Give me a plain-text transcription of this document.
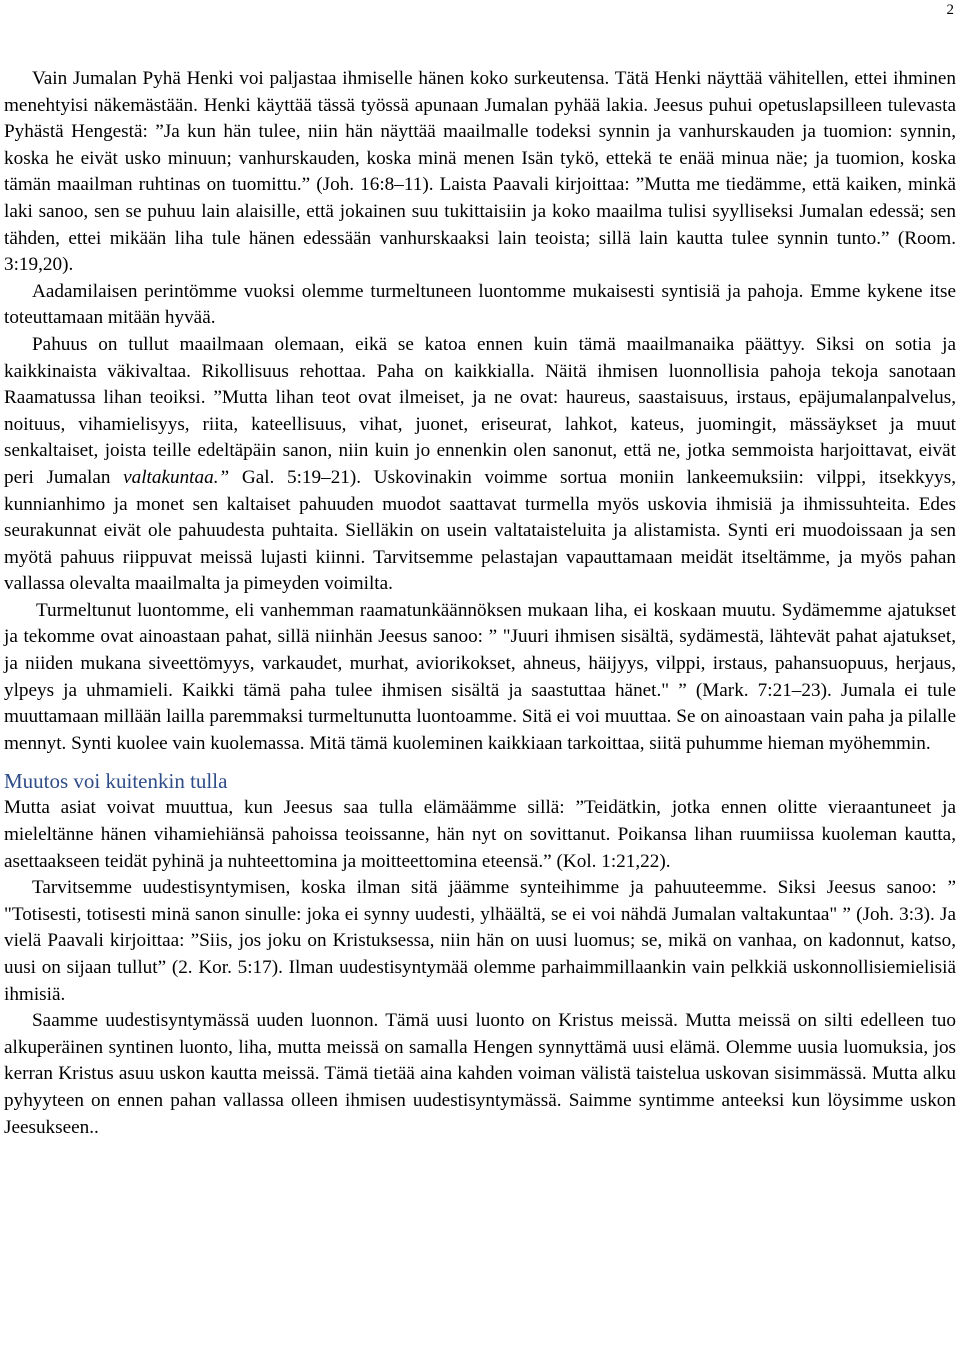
2

Vain Jumalan Pyhä Henki voi paljastaa ihmiselle hänen koko surkeutensa. Tätä Henki näyttää vähitellen, ettei ihminen menehtyisi näkemästään. Henki käyttää tässä työssä apunaan Jumalan pyhää lakia. Jeesus puhui opetuslapsilleen tulevasta Pyhästä Hengestä: ”Ja kun hän tulee, niin hän näyttää maailmalle todeksi synnin ja vanhurskauden ja tuomion: synnin, koska he eivät usko minuun; vanhurskauden, koska minä menen Isän tykö, ettekä te enää minua näe; ja tuomion, koska tämän maailman ruhtinas on tuomittu.” (Joh. 16:8–11). Laista Paavali kirjoittaa: ”Mutta me tiedämme, että kaiken, minkä laki sanoo, sen se puhuu lain alaisille, että jokainen suu tukittaisiin ja koko maailma tulisi syylliseksi Jumalan edessä; sen tähden, ettei mikään liha tule hänen edessään vanhurskaaksi lain teoista; sillä lain kautta tulee synnin tunto.” (Room. 3:19,20).

Aadamilaisen perintömme vuoksi olemme turmeltuneen luontomme mukaisesti syntisiä ja pahoja. Emme kykene itse toteuttamaan mitään hyvää.

Pahuus on tullut maailmaan olemaan, eikä se katoa ennen kuin tämä maailmanaika päättyy. Siksi on sotia ja kaikkinaista väkivaltaa. Rikollisuus rehottaa. Paha on kaikkialla. Näitä ihmisen luonnollisia pahoja tekoja sanotaan Raamatussa lihan teoiksi. ”Mutta lihan teot ovat ilmeiset, ja ne ovat: haureus, saastaisuus, irstaus, epäjumalanpalvelus, noituus, vihamielisyys, riita, kateellisuus, vihat, juonet, eriseurat, lahkot, kateus, juomingit, mässäykset ja muut senkaltaiset, joista teille edeltäpäin sanon, niin kuin jo ennenkin olen sanonut, että ne, jotka semmoista harjoittavat, eivät peri Jumalan valtakuntaa.” Gal. 5:19–21). Uskovinakin voimme sortua moniin lankeemuksiin: vilppi, itsekkyys, kunnianhimo ja monet sen kaltaiset pahuuden muodot saattavat turmella myös uskovia ihmisiä ja ihmissuhteita. Edes seurakunnat eivät ole pahuudesta puhtaita. Sielläkin on usein valtataisteluita ja alistamista. Synti eri muodoissaan ja sen myötä pahuus riippuvat meissä lujasti kiinni. Tarvitsemme pelastajan vapauttamaan meidät itseltämme, ja myös pahan vallassa olevalta maailmalta ja pimeyden voimilta.

Turmeltunut luontomme, eli vanhemman raamatunkäännöksen mukaan liha, ei koskaan muutu. Sydämemme ajatukset ja tekomme ovat ainoastaan pahat, sillä niinhän Jeesus sanoo: ” "Juuri ihmisen sisältä, sydämestä, lähtevät pahat ajatukset, ja niiden mukana siveettömyys, varkaudet, murhat, aviorikokset, ahneus, häijyys, vilppi, irstaus, pahansuopuus, herjaus, ylpeys ja uhmamieli. Kaikki tämä paha tulee ihmisen sisältä ja saastuttaa hänet." ” (Mark. 7:21–23). Jumala ei tule muuttamaan millään lailla paremmaksi turmeltunutta luontoamme. Sitä ei voi muuttaa. Se on ainoastaan vain paha ja pilalle mennyt. Synti kuolee vain kuolemassa. Mitä tämä kuoleminen kaikkiaan tarkoittaa, siitä puhumme hieman myöhemmin.

Muutos voi kuitenkin tulla

Mutta asiat voivat muuttua, kun Jeesus saa tulla elämäämme sillä: ”Teidätkin, jotka ennen olitte vieraantuneet ja mieleltänne hänen vihamiehiänsä pahoissa teoissanne, hän nyt on sovittanut. Poikansa lihan ruumiissa kuoleman kautta, asettaakseen teidät pyhinä ja nuhteettomina ja moitteettomina eteensä.” (Kol. 1:21,22).

Tarvitsemme uudestisyntymisen, koska ilman sitä jäämme synteihimme ja pahuuteemme. Siksi Jeesus sanoo: ” "Totisesti, totisesti minä sanon sinulle: joka ei synny uudesti, ylhäältä, se ei voi nähdä Jumalan valtakuntaa" ” (Joh. 3:3). Ja vielä Paavali kirjoittaa: ”Siis, jos joku on Kristuksessa, niin hän on uusi luomus; se, mikä on vanhaa, on kadonnut, katso, uusi on sijaan tullut” (2. Kor. 5:17). Ilman uudestisyntymää olemme parhaimmillaankin vain pelkkiä uskonnollisiemielisiä ihmisiä.

Saamme uudestisyntymässä uuden luonnon. Tämä uusi luonto on Kristus meissä. Mutta meissä on silti edelleen tuo alkuperäinen syntinen luonto, liha, mutta meissä on samalla Hengen synnyttämä uusi elämä. Olemme uusia luomuksia, jos kerran Kristus asuu uskon kautta meissä. Tämä tietää aina kahden voiman välistä taistelua uskovan sisimmässä. Mutta alku pyhyyteen on ennen pahan vallassa olleen ihmisen uudestisyntymässä. Saimme syntimme anteeksi kun löysimme uskon Jeesukseen..
